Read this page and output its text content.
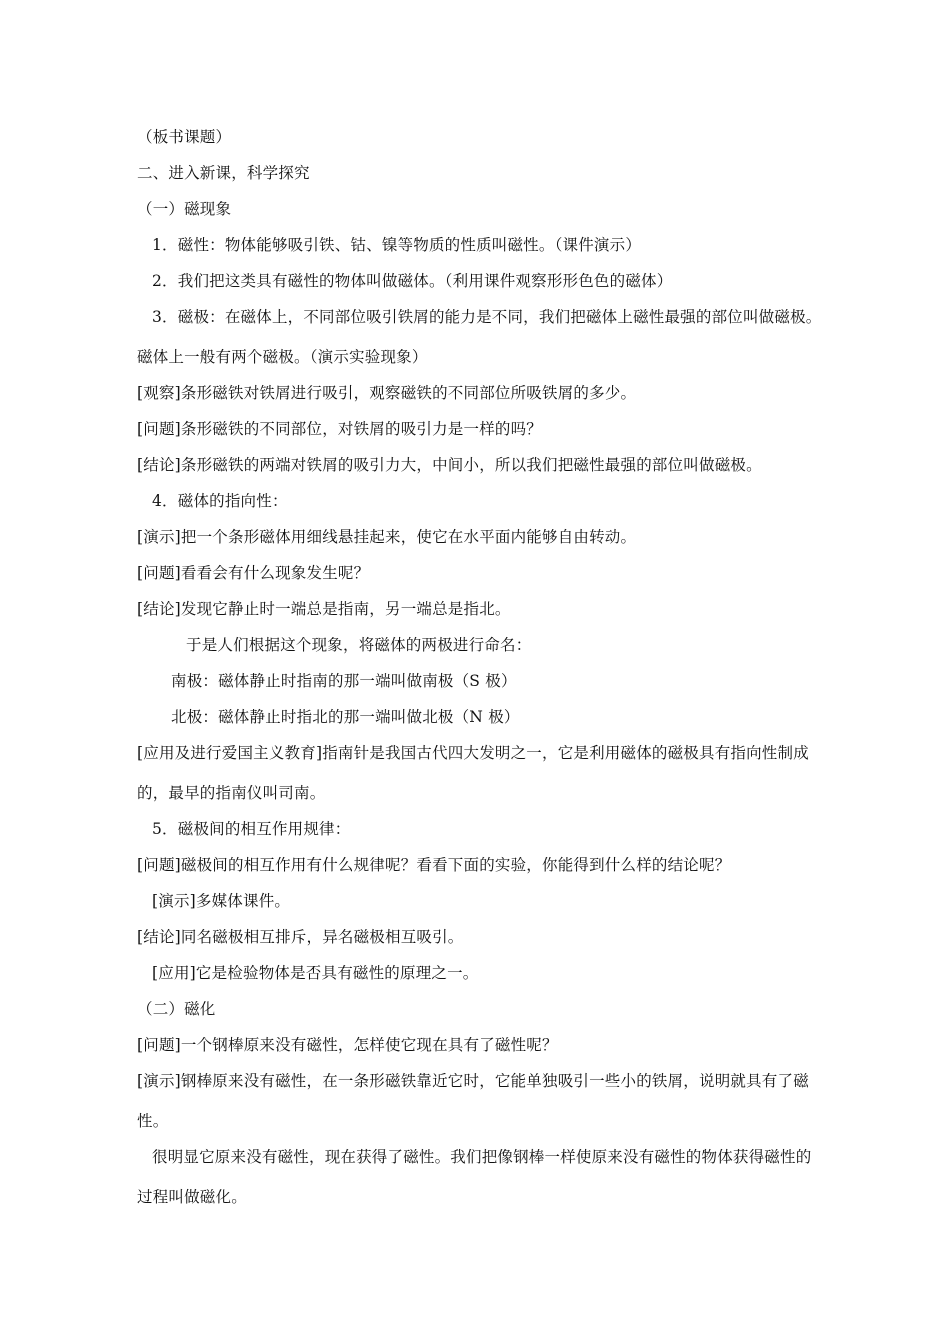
（板书课题）
二、进入新课，科学探究
（一）磁现象
1．磁性：物体能够吸引铁、钴、镍等物质的性质叫磁性。（课件演示）
2．我们把这类具有磁性的物体叫做磁体。（利用课件观察形形色色的磁体）
3．磁极：在磁体上，不同部位吸引铁屑的能力是不同，我们把磁体上磁性最强的部位叫做磁极。
磁体上一般有两个磁极。（演示实验现象）
[观察]条形磁铁对铁屑进行吸引，观察磁铁的不同部位所吸铁屑的多少。
[问题]条形磁铁的不同部位，对铁屑的吸引力是一样的吗？
[结论]条形磁铁的两端对铁屑的吸引力大，中间小，所以我们把磁性最强的部位叫做磁极。
4．磁体的指向性：
[演示]把一个条形磁体用细线悬挂起来，使它在水平面内能够自由转动。
[问题]看看会有什么现象发生呢？
[结论]发现它静止时一端总是指南，另一端总是指北。
于是人们根据这个现象，将磁体的两极进行命名：
南极：磁体静止时指南的那一端叫做南极（S 极）
北极：磁体静止时指北的那一端叫做北极（N 极）
[应用及进行爱国主义教育]指南针是我国古代四大发明之一，它是利用磁体的磁极具有指向性制成
的，最早的指南仪叫司南。
5．磁极间的相互作用规律：
[问题]磁极间的相互作用有什么规律呢？看看下面的实验，你能得到什么样的结论呢？
[演示]多媒体课件。
[结论]同名磁极相互排斥，异名磁极相互吸引。
[应用]它是检验物体是否具有磁性的原理之一。
（二）磁化
[问题]一个钢棒原来没有磁性，怎样使它现在具有了磁性呢？
[演示]钢棒原来没有磁性，在一条形磁铁靠近它时，它能单独吸引一些小的铁屑，说明就具有了磁
性。
很明显它原来没有磁性，现在获得了磁性。我们把像钢棒一样使原来没有磁性的物体获得磁性的
过程叫做磁化。
